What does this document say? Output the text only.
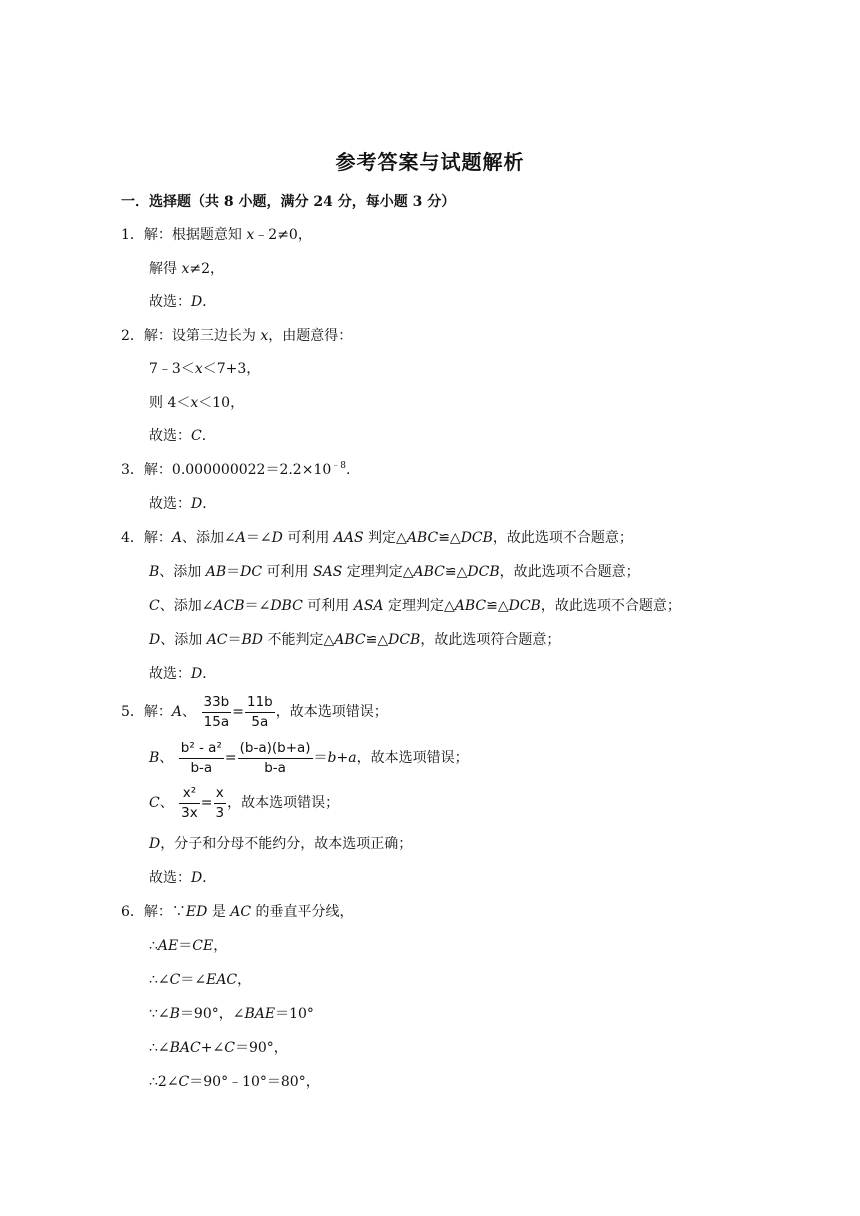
参考答案与试题解析
一．选择题（共 8 小题，满分 24 分，每小题 3 分）
1．解：根据题意知 x﹣2≠0，
解得 x≠2，
故选：D．
2．解：设第三边长为 x，由题意得：
7﹣3＜x＜7+3，
则 4＜x＜10，
故选：C．
3．解：$0.000000022=2.2\times 10^{﹣8}$.
故选：D．
4．解：A、添加∠A＝∠D 可利用 AAS 判定△ABC≌△DCB，故此选项不合题意；
B、添加 AB＝DC 可利用 SAS 定理判定△ABC≌△DCB，故此选项不合题意；
C、添加∠ACB＝∠DBC 可利用 ASA 定理判定△ABC≌△DCB，故此选项不合题意；
D、添加 AC＝BD 不能判定△ABC≌△DCB，故此选项符合题意；
故选：D．
5．解：A、 $\frac{33b}{15a} = \frac{11b}{5a}$ ，故本选项错误；
B、 $\frac{\text{b² - a²}}{b-a} = \frac{(b-a)(b+a)}{b-a} =b+a$，故本选项错误；
C、 $\frac{\text{x²}}{3x} = \frac{x}{3}$ ，故本选项错误；
D，分子和分母不能约分，故本选项正确；
故选：D．
6．解：∵ED 是 AC 的垂直平分线，
∴AE＝CE，
∴∠C＝∠EAC，
∵∠B＝90°，∠BAE＝10°
∴∠BAC+∠C＝90°，
∴2∠C＝90°﹣10°＝80°，
